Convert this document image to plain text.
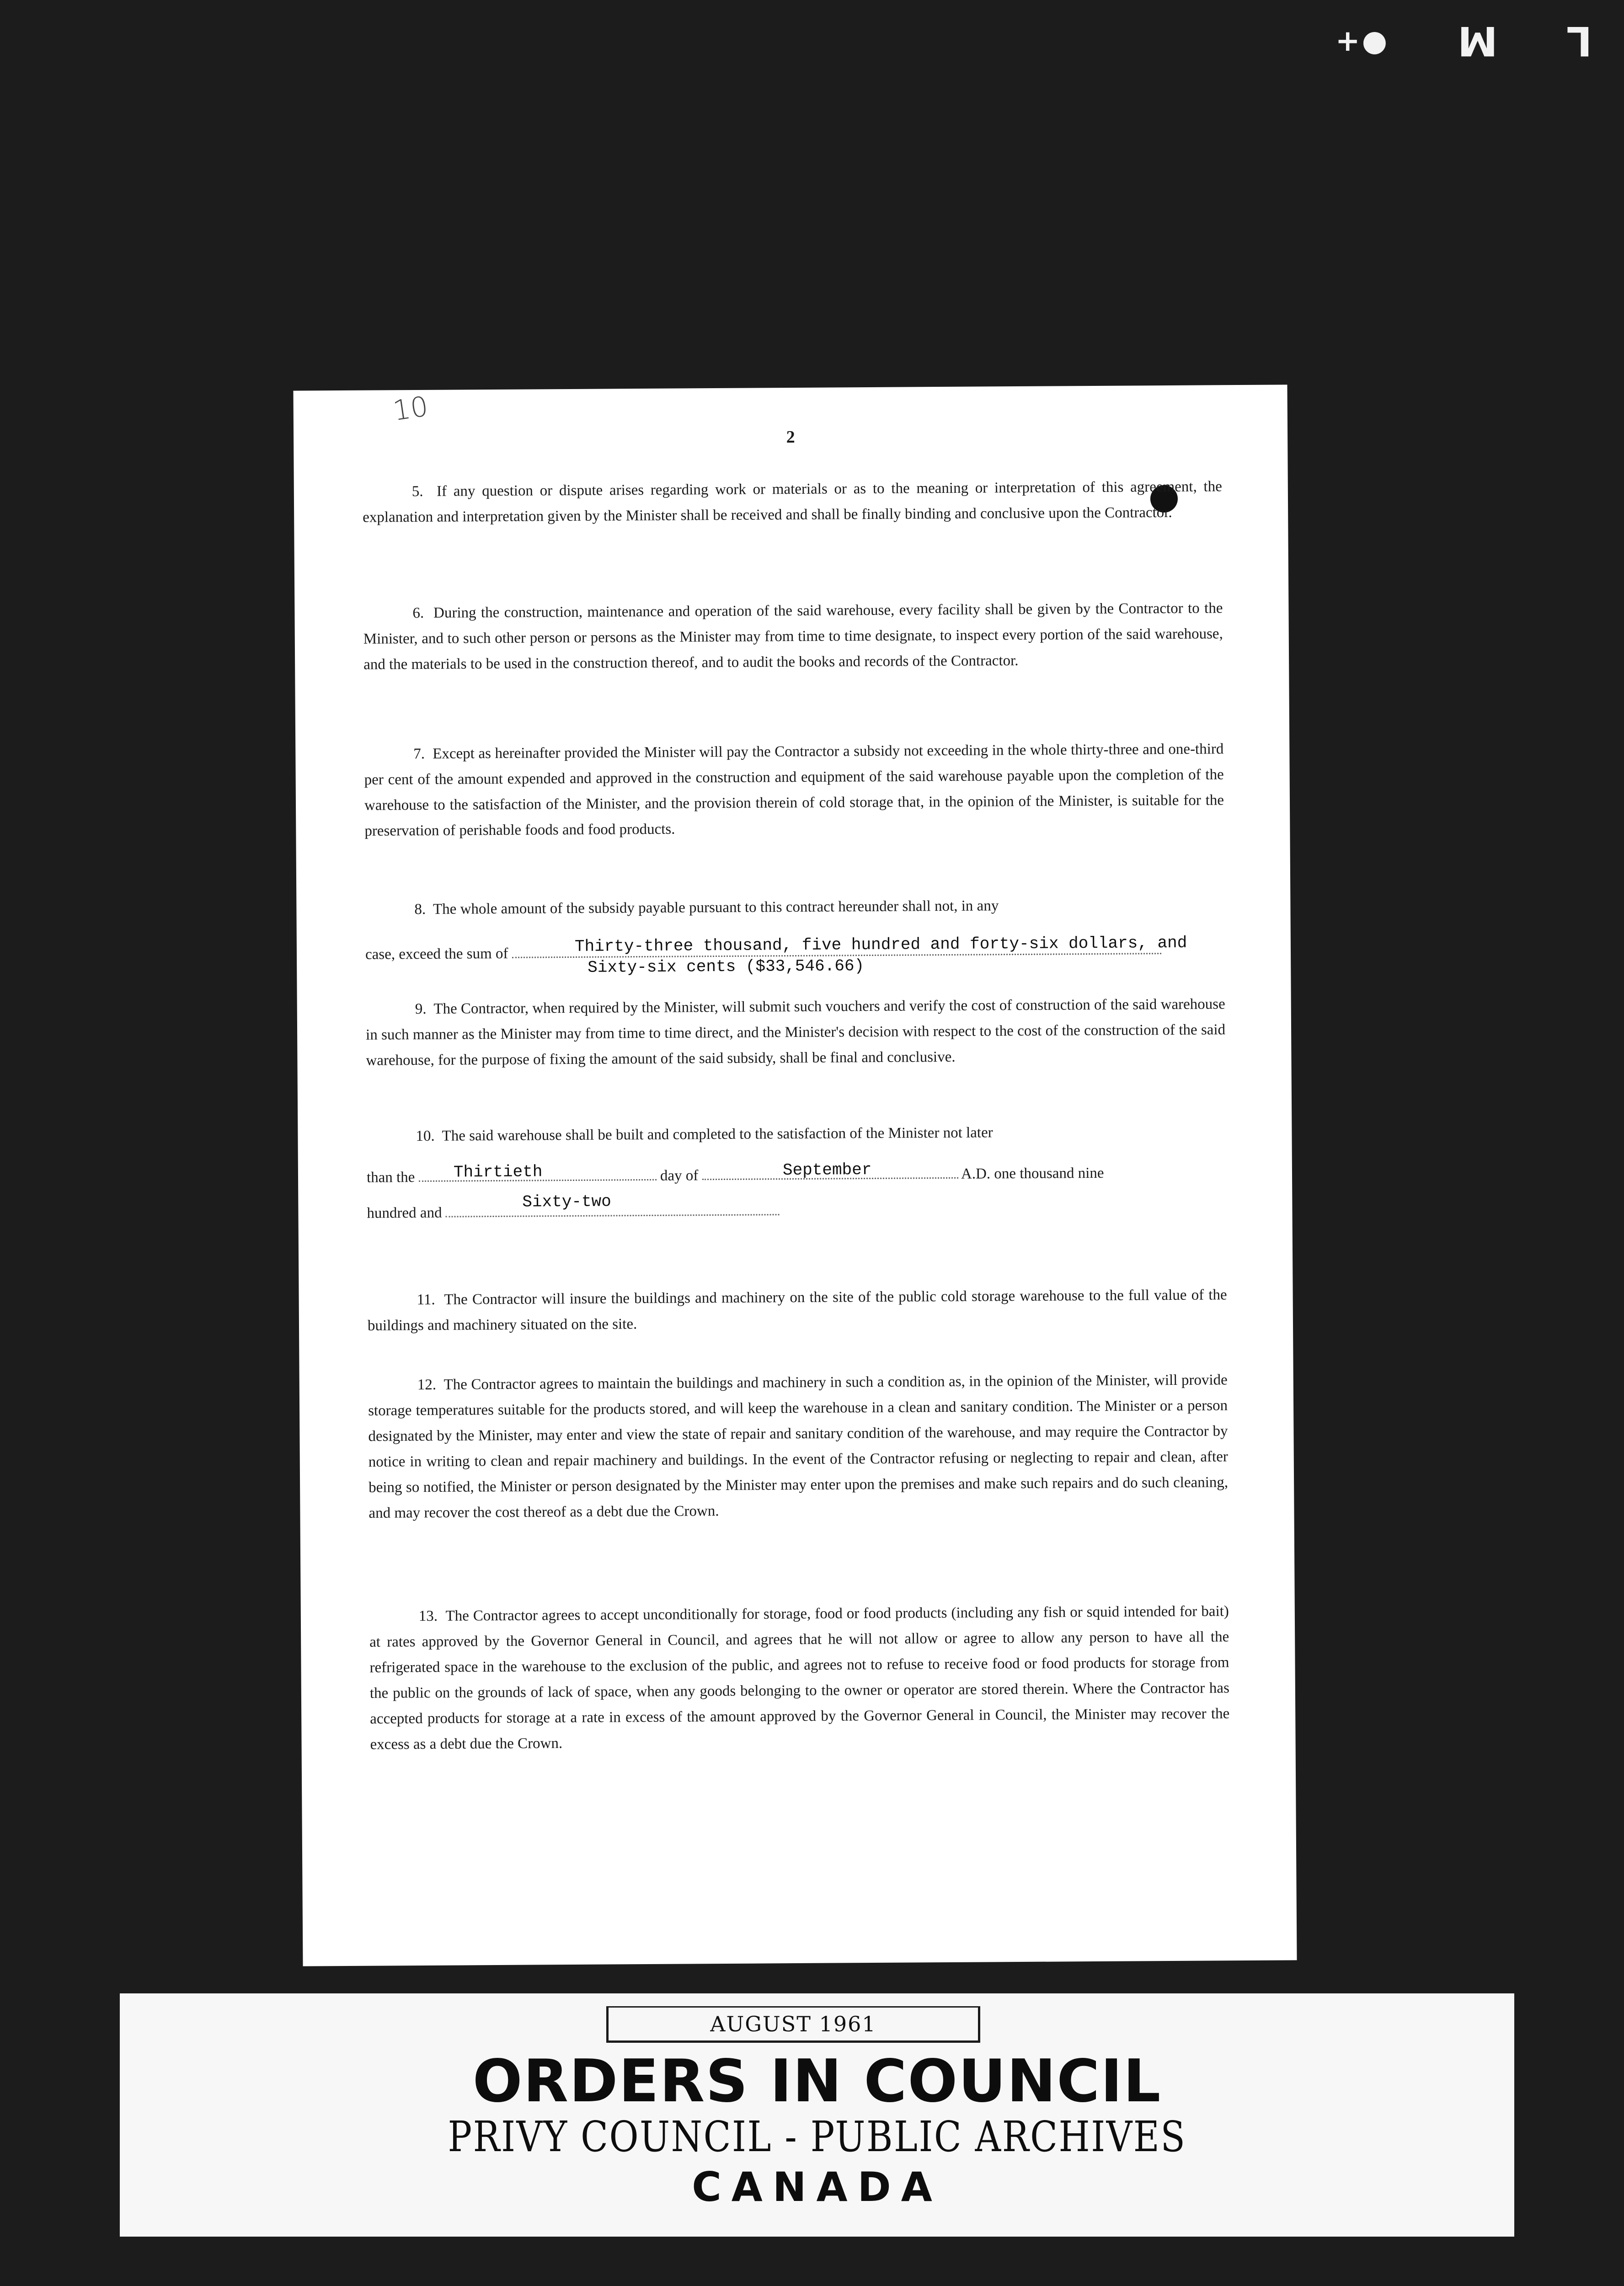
+● M L
10
2
5. If any question or dispute arises regarding work or materials or as to the meaning or interpretation of this agreement, the explanation and interpretation given by the Minister shall be received and shall be finally binding and conclusive upon the Contractor.
6. During the construction, maintenance and operation of the said warehouse, every facility shall be given by the Contractor to the Minister, and to such other person or persons as the Minister may from time to time designate, to inspect every portion of the said warehouse, and the materials to be used in the construction thereof, and to audit the books and records of the Contractor.
7. Except as hereinafter provided the Minister will pay the Contractor a subsidy not exceeding in the whole thirty-three and one-third per cent of the amount expended and approved in the construction and equipment of the said warehouse payable upon the completion of the warehouse to the satisfaction of the Minister, and the provision therein of cold storage that, in the opinion of the Minister, is suitable for the preservation of perishable foods and food products.
8. The whole amount of the subsidy payable pursuant to this contract hereunder shall not, in any
case, exceed the sum of	Thirty-three thousand, five hundred and forty-six dollars, and
Sixty-six cents ($33,546.66)
9. The Contractor, when required by the Minister, will submit such vouchers and verify the cost of construction of the said warehouse in such manner as the Minister may from time to time direct, and the Minister's decision with respect to the cost of the construction of the said warehouse, for the purpose of fixing the amount of the said subsidy, shall be final and conclusive.
10. The said warehouse shall be built and completed to the satisfaction of the Minister not later
than the	day of	A.D. one thousand nine
Thirtieth	September
hundred and
Sixty-two
11. The Contractor will insure the buildings and machinery on the site of the public cold storage warehouse to the full value of the buildings and machinery situated on the site.
12. The Contractor agrees to maintain the buildings and machinery in such a condition as, in the opinion of the Minister, will provide storage temperatures suitable for the products stored, and will keep the warehouse in a clean and sanitary condition. The Minister or a person designated by the Minister, may enter and view the state of repair and sanitary condition of the warehouse, and may require the Contractor by notice in writing to clean and repair machinery and buildings. In the event of the Contractor refusing or neglecting to repair and clean, after being so notified, the Minister or person designated by the Minister may enter upon the premises and make such repairs and do such cleaning, and may recover the cost thereof as a debt due the Crown.
13. The Contractor agrees to accept unconditionally for storage, food or food products (including any fish or squid intended for bait) at rates approved by the Governor General in Council, and agrees that he will not allow or agree to allow any person to have all the refrigerated space in the warehouse to the exclusion of the public, and agrees not to refuse to receive food or food products for storage from the public on the grounds of lack of space, when any goods belonging to the owner or operator are stored therein. Where the Contractor has accepted products for storage at a rate in excess of the amount approved by the Governor General in Council, the Minister may recover the excess as a debt due the Crown.
AUGUST 1961
ORDERS IN COUNCIL
PRIVY COUNCIL - PUBLIC ARCHIVES
CANADA
